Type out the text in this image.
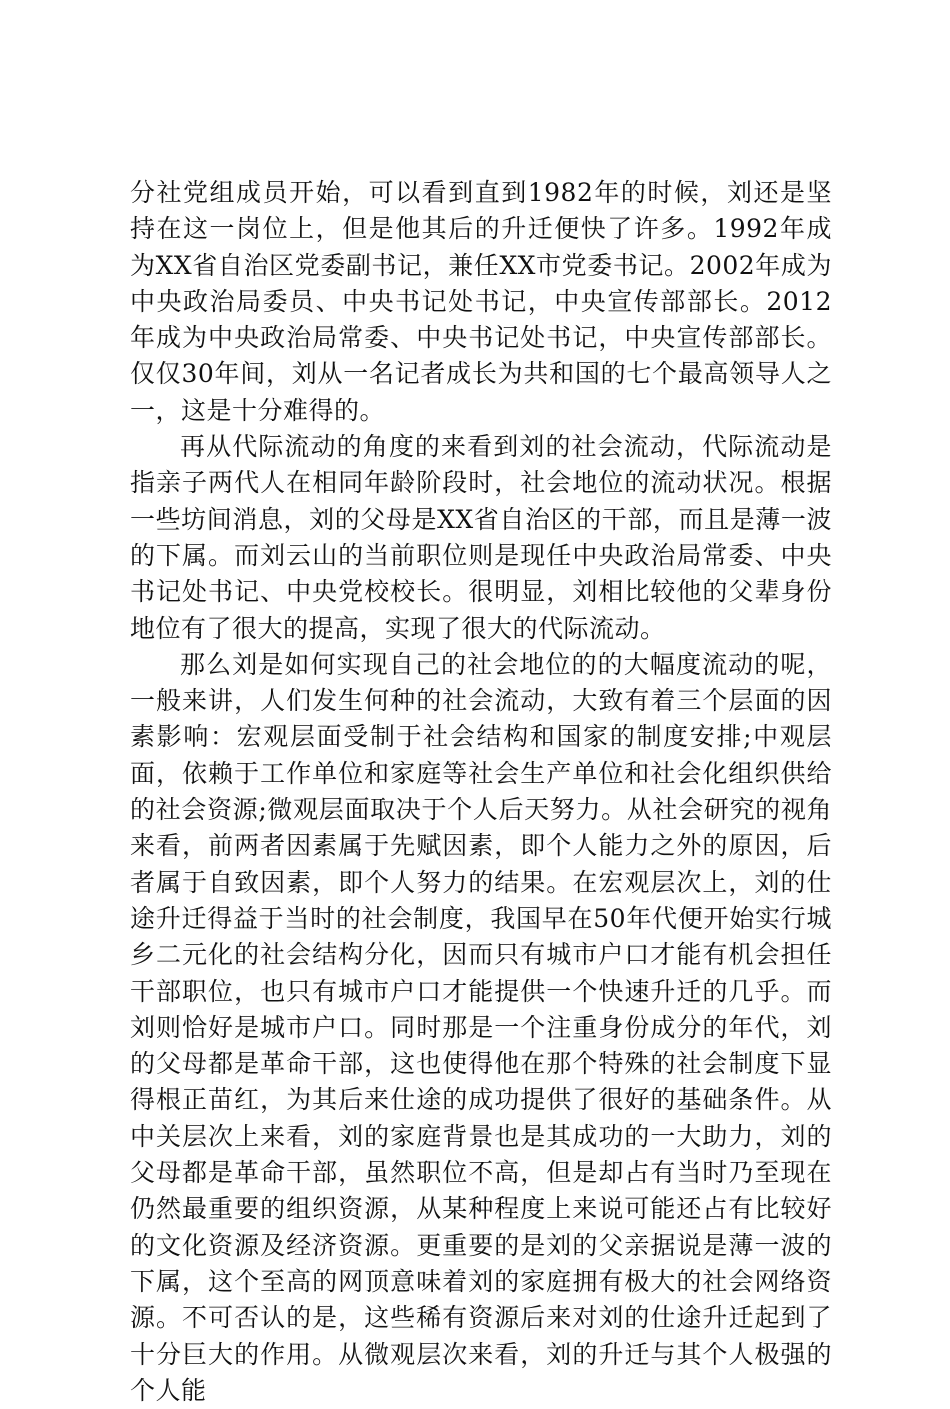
分社党组成员开始，可以看到直到1982年的时候，刘还是坚持在这一岗位上，但是他其后的升迁便快了许多。1992年成为XX省自治区党委副书记，兼任XX市党委书记。2002年成为中央政治局委员、中央书记处书记，中央宣传部部长。2012年成为中央政治局常委、中央书记处书记，中央宣传部部长。仅仅30年间，刘从一名记者成长为共和国的七个最高领导人之一，这是十分难得的。

再从代际流动的角度的来看到刘的社会流动，代际流动是指亲子两代人在相同年龄阶段时，社会地位的流动状况。根据一些坊间消息，刘的父母是XX省自治区的干部，而且是薄一波的下属。而刘云山的当前职位则是现任中央政治局常委、中央书记处书记、中央党校校长。很明显，刘相比较他的父辈身份地位有了很大的提高，实现了很大的代际流动。

那么刘是如何实现自己的社会地位的的大幅度流动的呢，一般来讲，人们发生何种的社会流动，大致有着三个层面的因素影响：宏观层面受制于社会结构和国家的制度安排;中观层面，依赖于工作单位和家庭等社会生产单位和社会化组织供给的社会资源;微观层面取决于个人后天努力。从社会研究的视角来看，前两者因素属于先赋因素，即个人能力之外的原因，后者属于自致因素，即个人努力的结果。在宏观层次上，刘的仕途升迁得益于当时的社会制度，我国早在50年代便开始实行城乡二元化的社会结构分化，因而只有城市户口才能有机会担任干部职位，也只有城市户口才能提供一个快速升迁的几乎。而刘则恰好是城市户口。同时那是一个注重身份成分的年代，刘的父母都是革命干部，这也使得他在那个特殊的社会制度下显得根正苗红，为其后来仕途的成功提供了很好的基础条件。从中关层次上来看，刘的家庭背景也是其成功的一大助力，刘的父母都是革命干部，虽然职位不高，但是却占有当时乃至现在仍然最重要的组织资源，从某种程度上来说可能还占有比较好的文化资源及经济资源。更重要的是刘的父亲据说是薄一波的下属，这个至高的网顶意味着刘的家庭拥有极大的社会网络资源。不可否认的是，这些稀有资源后来对刘的仕途升迁起到了十分巨大的作用。从微观层次来看，刘的升迁与其个人极强的个人能
